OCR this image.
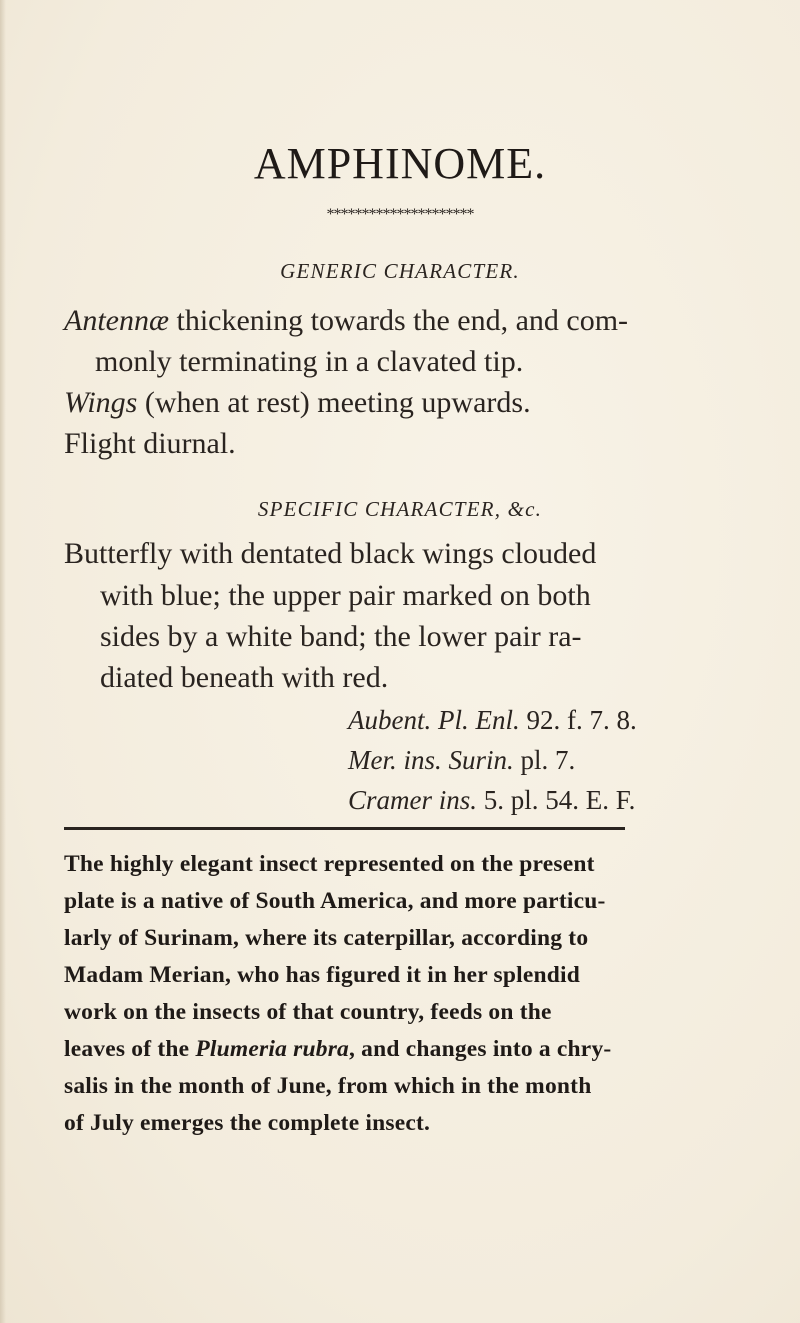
AMPHINOME.
*********************
GENERIC CHARACTER.
Antennæ thickening towards the end, and com-
monly terminating in a clavated tip.
Wings (when at rest) meeting upwards.
Flight diurnal.
SPECIFIC CHARACTER, &c.
Butterfly with dentated black wings clouded
with blue; the upper pair marked on both
sides by a white band; the lower pair ra-
diated beneath with red.
Aubent. Pl. Enl. 92. f. 7. 8.
Mer. ins. Surin. pl. 7.
Cramer ins. 5. pl. 54. E. F.
The highly elegant insect represented on the present
plate is a native of South America, and more particu-
larly of Surinam, where its caterpillar, according to
Madam Merian, who has figured it in her splendid
work on the insects of that country, feeds on the
leaves of the Plumeria rubra, and changes into a chry-
salis in the month of June, from which in the month
of July emerges the complete insect.
